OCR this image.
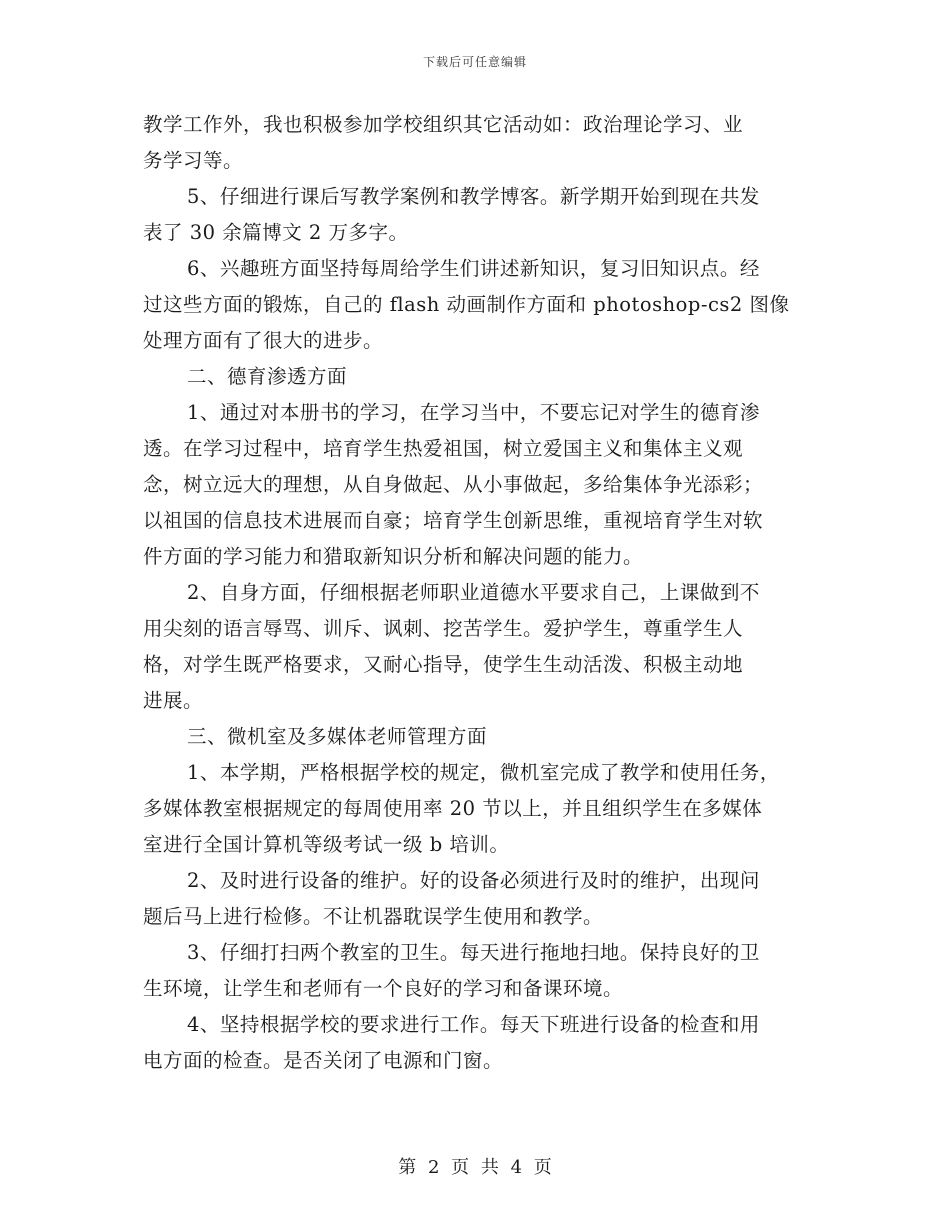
下载后可任意编辑
教学工作外，我也积极参加学校组织其它活动如：政治理论学习、业
务学习等。
5、仔细进行课后写教学案例和教学博客。新学期开始到现在共发
表了 30 余篇博文 2 万多字。
6、兴趣班方面坚持每周给学生们讲述新知识，复习旧知识点。经
过这些方面的锻炼，自己的 flash 动画制作方面和 photoshop-cs2 图像
处理方面有了很大的进步。
二、德育渗透方面
1、通过对本册书的学习，在学习当中，不要忘记对学生的德育渗
透。在学习过程中，培育学生热爱祖国，树立爱国主义和集体主义观
念，树立远大的理想，从自身做起、从小事做起，多给集体争光添彩；
以祖国的信息技术进展而自豪；培育学生创新思维，重视培育学生对软
件方面的学习能力和猎取新知识分析和解决问题的能力。
2、自身方面，仔细根据老师职业道德水平要求自己，上课做到不
用尖刻的语言辱骂、训斥、讽刺、挖苦学生。爱护学生，尊重学生人
格，对学生既严格要求，又耐心指导，使学生生动活泼、积极主动地
进展。
三、微机室及多媒体老师管理方面
1、本学期，严格根据学校的规定，微机室完成了教学和使用任务，
多媒体教室根据规定的每周使用率 20 节以上，并且组织学生在多媒体
室进行全国计算机等级考试一级 b 培训。
2、及时进行设备的维护。好的设备必须进行及时的维护，出现问
题后马上进行检修。不让机器耽误学生使用和教学。
3、仔细打扫两个教室的卫生。每天进行拖地扫地。保持良好的卫
生环境，让学生和老师有一个良好的学习和备课环境。
4、坚持根据学校的要求进行工作。每天下班进行设备的检查和用
电方面的检查。是否关闭了电源和门窗。
第 2 页 共 4 页
